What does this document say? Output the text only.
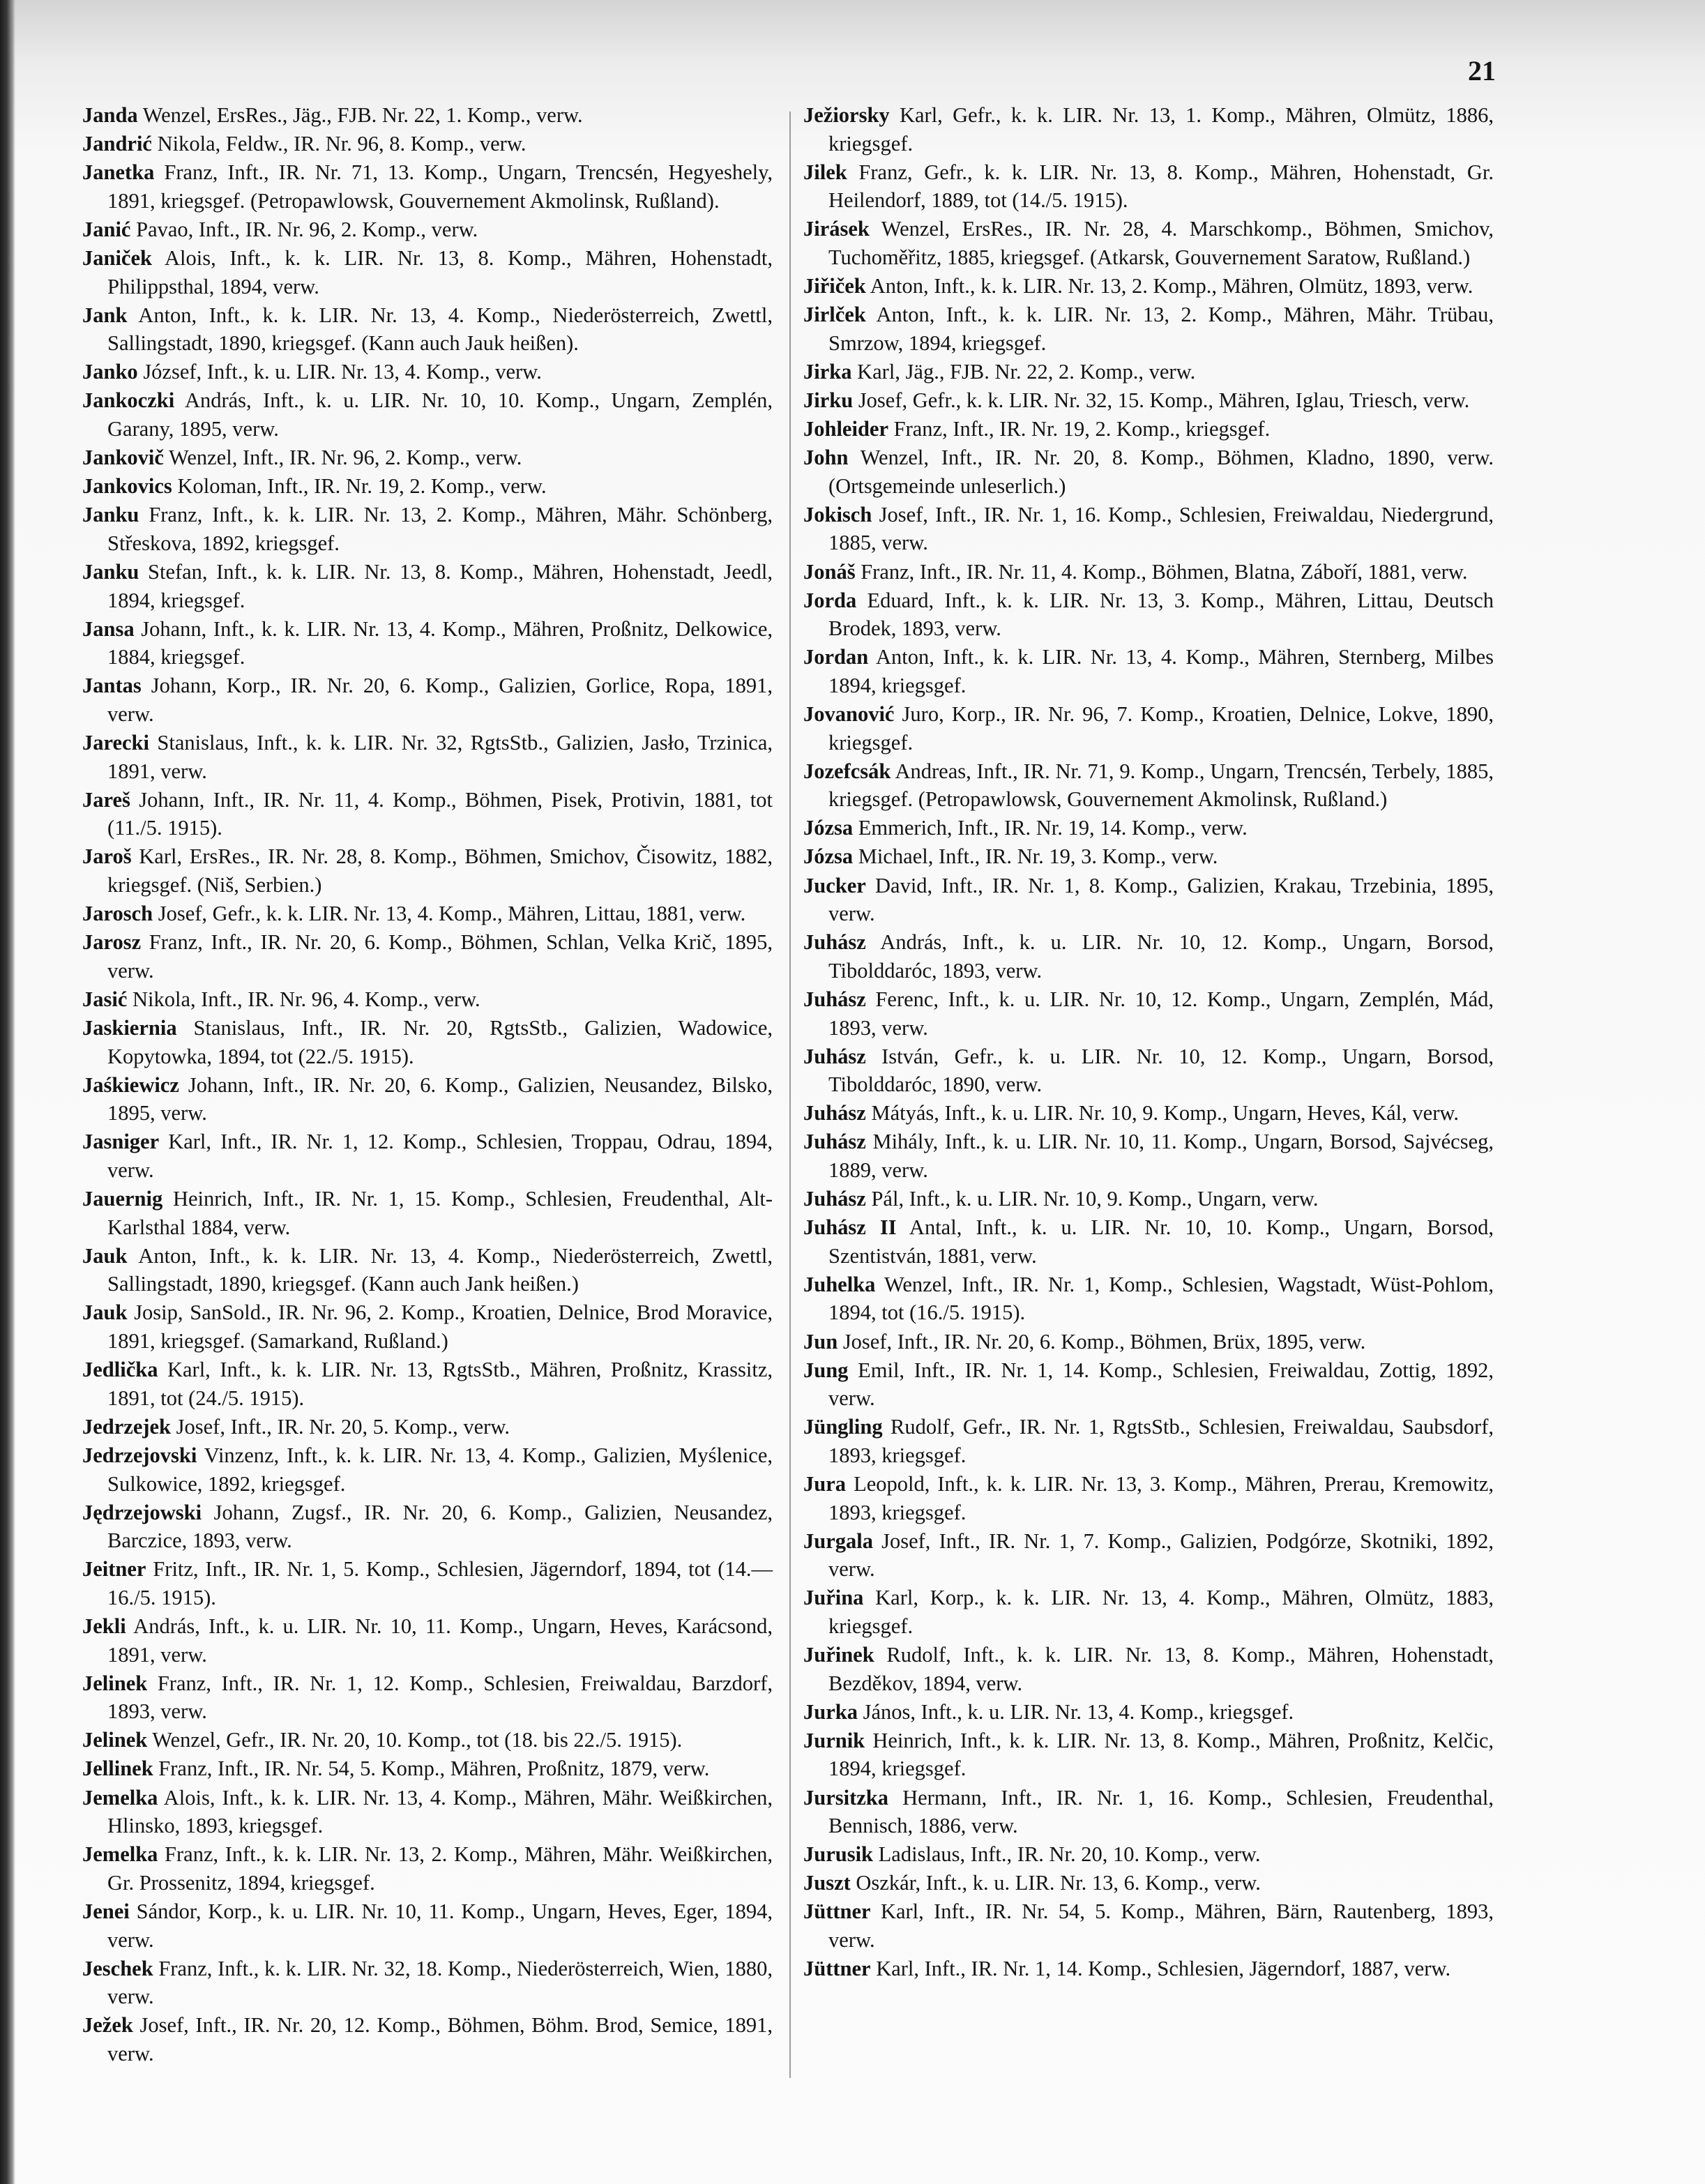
21

Janda Wenzel, ErsRes., Jäg., FJB. Nr. 22, 1. Komp., verw.

Jandrić Nikola, Feldw., IR. Nr. 96, 8. Komp., verw.

Janetka Franz, Inft., IR. Nr. 71, 13. Komp., Ungarn, Trencsén, Hegyeshely, 1891, kriegsgef. (Petropawlowsk, Gouvernement Akmolinsk, Rußland).

Janić Pavao, Inft., IR. Nr. 96, 2. Komp., verw.

Janiček Alois, Inft., k. k. LIR. Nr. 13, 8. Komp., Mähren, Hohenstadt, Philippsthal, 1894, verw.

Jank Anton, Inft., k. k. LIR. Nr. 13, 4. Komp., Niederösterreich, Zwettl, Sallingstadt, 1890, kriegsgef. (Kann auch Jauk heißen).

Janko József, Inft., k. u. LIR. Nr. 13, 4. Komp., verw.

Jankoczki András, Inft., k. u. LIR. Nr. 10, 10. Komp., Ungarn, Zemplén, Garany, 1895, verw.

Jankovič Wenzel, Inft., IR. Nr. 96, 2. Komp., verw.

Jankovics Koloman, Inft., IR. Nr. 19, 2. Komp., verw.

Janku Franz, Inft., k. k. LIR. Nr. 13, 2. Komp., Mähren, Mähr. Schönberg, Střeskova, 1892, kriegsgef.

Janku Stefan, Inft., k. k. LIR. Nr. 13, 8. Komp., Mähren, Hohenstadt, Jeedl, 1894, kriegsgef.

Jansa Johann, Inft., k. k. LIR. Nr. 13, 4. Komp., Mähren, Proßnitz, Delkowice, 1884, kriegsgef.

Jantas Johann, Korp., IR. Nr. 20, 6. Komp., Galizien, Gorlice, Ropa, 1891, verw.

Jarecki Stanislaus, Inft., k. k. LIR. Nr. 32, RgtsStb., Galizien, Jasło, Trzinica, 1891, verw.

Jareš Johann, Inft., IR. Nr. 11, 4. Komp., Böhmen, Pisek, Protivin, 1881, tot (11./5. 1915).

Jaroš Karl, ErsRes., IR. Nr. 28, 8. Komp., Böhmen, Smichov, Čisowitz, 1882, kriegsgef. (Niš, Serbien.)

Jarosch Josef, Gefr., k. k. LIR. Nr. 13, 4. Komp., Mähren, Littau, 1881, verw.

Jarosz Franz, Inft., IR. Nr. 20, 6. Komp., Böhmen, Schlan, Velka Krič, 1895, verw.

Jasić Nikola, Inft., IR. Nr. 96, 4. Komp., verw.

Jaskiernia Stanislaus, Inft., IR. Nr. 20, RgtsStb., Galizien, Wadowice, Kopytowka, 1894, tot (22./5. 1915).

Jaśkiewicz Johann, Inft., IR. Nr. 20, 6. Komp., Galizien, Neusandez, Bilsko, 1895, verw.

Jasniger Karl, Inft., IR. Nr. 1, 12. Komp., Schlesien, Troppau, Odrau, 1894, verw.

Jauernig Heinrich, Inft., IR. Nr. 1, 15. Komp., Schlesien, Freudenthal, Alt-Karlsthal 1884, verw.

Jauk Anton, Inft., k. k. LIR. Nr. 13, 4. Komp., Niederösterreich, Zwettl, Sallingstadt, 1890, kriegsgef. (Kann auch Jank heißen.)

Jauk Josip, SanSold., IR. Nr. 96, 2. Komp., Kroatien, Delnice, Brod Moravice, 1891, kriegsgef. (Samarkand, Rußland.)

Jedlička Karl, Inft., k. k. LIR. Nr. 13, RgtsStb., Mähren, Proßnitz, Krassitz, 1891, tot (24./5. 1915).

Jedrzejek Josef, Inft., IR. Nr. 20, 5. Komp., verw.

Jedrzejovski Vinzenz, Inft., k. k. LIR. Nr. 13, 4. Komp., Galizien, Myślenice, Sulkowice, 1892, kriegsgef.

Jędrzejowski Johann, Zugsf., IR. Nr. 20, 6. Komp., Galizien, Neusandez, Barczice, 1893, verw.

Jeitner Fritz, Inft., IR. Nr. 1, 5. Komp., Schlesien, Jägerndorf, 1894, tot (14.—16./5. 1915).

Jekli András, Inft., k. u. LIR. Nr. 10, 11. Komp., Ungarn, Heves, Karácsond, 1891, verw.

Jelinek Franz, Inft., IR. Nr. 1, 12. Komp., Schlesien, Freiwaldau, Barzdorf, 1893, verw.

Jelinek Wenzel, Gefr., IR. Nr. 20, 10. Komp., tot (18. bis 22./5. 1915).

Jellinek Franz, Inft., IR. Nr. 54, 5. Komp., Mähren, Proßnitz, 1879, verw.

Jemelka Alois, Inft., k. k. LIR. Nr. 13, 4. Komp., Mähren, Mähr. Weißkirchen, Hlinsko, 1893, kriegsgef.

Jemelka Franz, Inft., k. k. LIR. Nr. 13, 2. Komp., Mähren, Mähr. Weißkirchen, Gr. Prossenitz, 1894, kriegsgef.

Jenei Sándor, Korp., k. u. LIR. Nr. 10, 11. Komp., Ungarn, Heves, Eger, 1894, verw.

Jeschek Franz, Inft., k. k. LIR. Nr. 32, 18. Komp., Niederösterreich, Wien, 1880, verw.

Ježek Josef, Inft., IR. Nr. 20, 12. Komp., Böhmen, Böhm. Brod, Semice, 1891, verw.

Ježiorsky Karl, Gefr., k. k. LIR. Nr. 13, 1. Komp., Mähren, Olmütz, 1886, kriegsgef.

Jilek Franz, Gefr., k. k. LIR. Nr. 13, 8. Komp., Mähren, Hohenstadt, Gr. Heilendorf, 1889, tot (14./5. 1915).

Jirásek Wenzel, ErsRes., IR. Nr. 28, 4. Marschkomp., Böhmen, Smichov, Tuchoměřitz, 1885, kriegsgef. (Atkarsk, Gouvernement Saratow, Rußland.)

Jiřiček Anton, Inft., k. k. LIR. Nr. 13, 2. Komp., Mähren, Olmütz, 1893, verw.

Jirlček Anton, Inft., k. k. LIR. Nr. 13, 2. Komp., Mähren, Mähr. Trübau, Smrzow, 1894, kriegsgef.

Jirka Karl, Jäg., FJB. Nr. 22, 2. Komp., verw.

Jirku Josef, Gefr., k. k. LIR. Nr. 32, 15. Komp., Mähren, Iglau, Triesch, verw.

Johleider Franz, Inft., IR. Nr. 19, 2. Komp., kriegsgef.

John Wenzel, Inft., IR. Nr. 20, 8. Komp., Böhmen, Kladno, 1890, verw. (Ortsgemeinde unleserlich.)

Jokisch Josef, Inft., IR. Nr. 1, 16. Komp., Schlesien, Freiwaldau, Niedergrund, 1885, verw.

Jonáš Franz, Inft., IR. Nr. 11, 4. Komp., Böhmen, Blatna, Záboří, 1881, verw.

Jorda Eduard, Inft., k. k. LIR. Nr. 13, 3. Komp., Mähren, Littau, Deutsch Brodek, 1893, verw.

Jordan Anton, Inft., k. k. LIR. Nr. 13, 4. Komp., Mähren, Sternberg, Milbes 1894, kriegsgef.

Jovanović Juro, Korp., IR. Nr. 96, 7. Komp., Kroatien, Delnice, Lokve, 1890, kriegsgef.

Jozefcsák Andreas, Inft., IR. Nr. 71, 9. Komp., Ungarn, Trencsén, Terbely, 1885, kriegsgef. (Petropawlowsk, Gouvernement Akmolinsk, Rußland.)

Józsa Emmerich, Inft., IR. Nr. 19, 14. Komp., verw.

Józsa Michael, Inft., IR. Nr. 19, 3. Komp., verw.

Jucker David, Inft., IR. Nr. 1, 8. Komp., Galizien, Krakau, Trzebinia, 1895, verw.

Juhász András, Inft., k. u. LIR. Nr. 10, 12. Komp., Ungarn, Borsod, Tibolddaróc, 1893, verw.

Juhász Ferenc, Inft., k. u. LIR. Nr. 10, 12. Komp., Ungarn, Zemplén, Mád, 1893, verw.

Juhász István, Gefr., k. u. LIR. Nr. 10, 12. Komp., Ungarn, Borsod, Tibolddaróc, 1890, verw.

Juhász Mátyás, Inft., k. u. LIR. Nr. 10, 9. Komp., Ungarn, Heves, Kál, verw.

Juhász Mihály, Inft., k. u. LIR. Nr. 10, 11. Komp., Ungarn, Borsod, Sajvécseg, 1889, verw.

Juhász Pál, Inft., k. u. LIR. Nr. 10, 9. Komp., Ungarn, verw.

Juhász II Antal, Inft., k. u. LIR. Nr. 10, 10. Komp., Ungarn, Borsod, Szentistván, 1881, verw.

Juhelka Wenzel, Inft., IR. Nr. 1, Komp., Schlesien, Wagstadt, Wüst-Pohlom, 1894, tot (16./5. 1915).

Jun Josef, Inft., IR. Nr. 20, 6. Komp., Böhmen, Brüx, 1895, verw.

Jung Emil, Inft., IR. Nr. 1, 14. Komp., Schlesien, Freiwaldau, Zottig, 1892, verw.

Jüngling Rudolf, Gefr., IR. Nr. 1, RgtsStb., Schlesien, Freiwaldau, Saubsdorf, 1893, kriegsgef.

Jura Leopold, Inft., k. k. LIR. Nr. 13, 3. Komp., Mähren, Prerau, Kremowitz, 1893, kriegsgef.

Jurgala Josef, Inft., IR. Nr. 1, 7. Komp., Galizien, Podgórze, Skotniki, 1892, verw.

Juřina Karl, Korp., k. k. LIR. Nr. 13, 4. Komp., Mähren, Olmütz, 1883, kriegsgef.

Juřinek Rudolf, Inft., k. k. LIR. Nr. 13, 8. Komp., Mähren, Hohenstadt, Bezděkov, 1894, verw.

Jurka János, Inft., k. u. LIR. Nr. 13, 4. Komp., kriegsgef.

Jurnik Heinrich, Inft., k. k. LIR. Nr. 13, 8. Komp., Mähren, Proßnitz, Kelčic, 1894, kriegsgef.

Jursitzka Hermann, Inft., IR. Nr. 1, 16. Komp., Schlesien, Freudenthal, Bennisch, 1886, verw.

Jurusik Ladislaus, Inft., IR. Nr. 20, 10. Komp., verw.

Juszt Oszkár, Inft., k. u. LIR. Nr. 13, 6. Komp., verw.

Jüttner Karl, Inft., IR. Nr. 54, 5. Komp., Mähren, Bärn, Rautenberg, 1893, verw.

Jüttner Karl, Inft., IR. Nr. 1, 14. Komp., Schlesien, Jägerndorf, 1887, verw.
